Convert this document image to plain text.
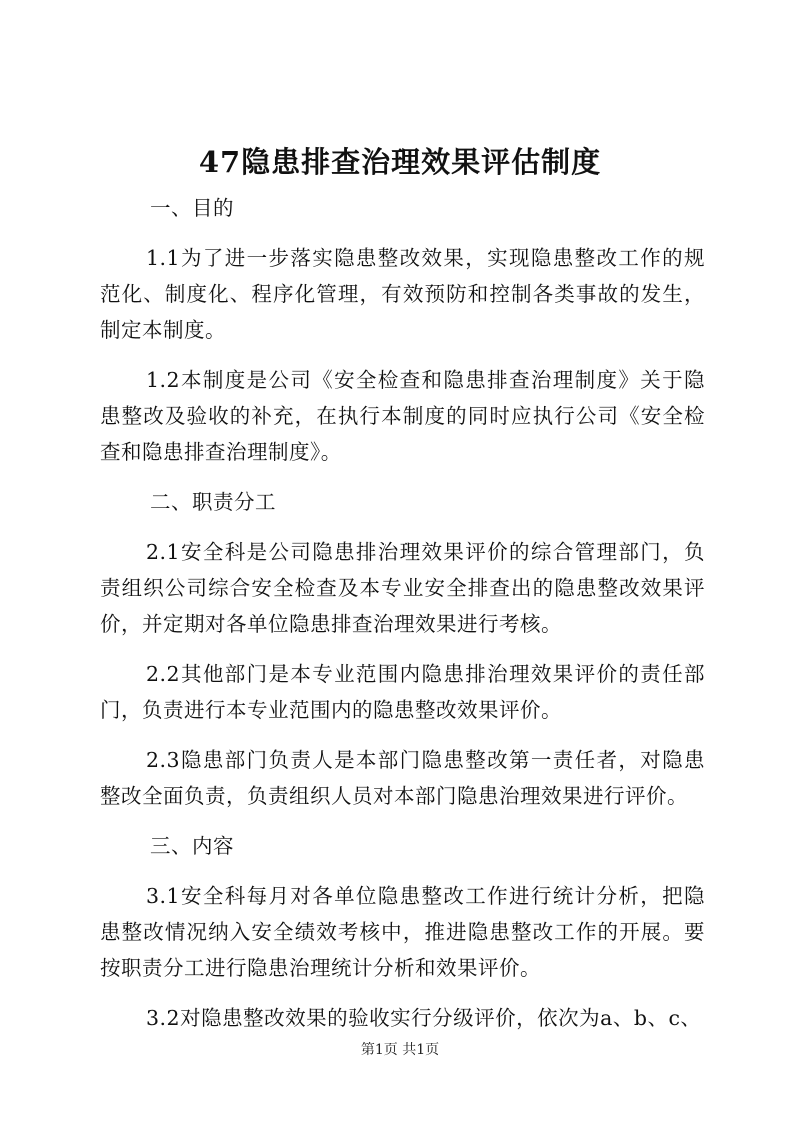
47隐患排查治理效果评估制度

一、目的

1.1为了进一步落实隐患整改效果，实现隐患整改工作的规范化、制度化、程序化管理，有效预防和控制各类事故的发生，制定本制度。

1.2本制度是公司《安全检查和隐患排查治理制度》关于隐患整改及验收的补充，在执行本制度的同时应执行公司《安全检查和隐患排查治理制度》。

二、职责分工

2.1安全科是公司隐患排治理效果评价的综合管理部门，负责组织公司综合安全检查及本专业安全排查出的隐患整改效果评价，并定期对各单位隐患排查治理效果进行考核。

2.2其他部门是本专业范围内隐患排治理效果评价的责任部门，负责进行本专业范围内的隐患整改效果评价。

2.3隐患部门负责人是本部门隐患整改第一责任者，对隐患整改全面负责，负责组织人员对本部门隐患治理效果进行评价。

三、内容

3.1安全科每月对各单位隐患整改工作进行统计分析，把隐患整改情况纳入安全绩效考核中，推进隐患整改工作的开展。要按职责分工进行隐患治理统计分析和效果评价。

3.2对隐患整改效果的验收实行分级评价，依次为a、b、c、

第1页 共1页
